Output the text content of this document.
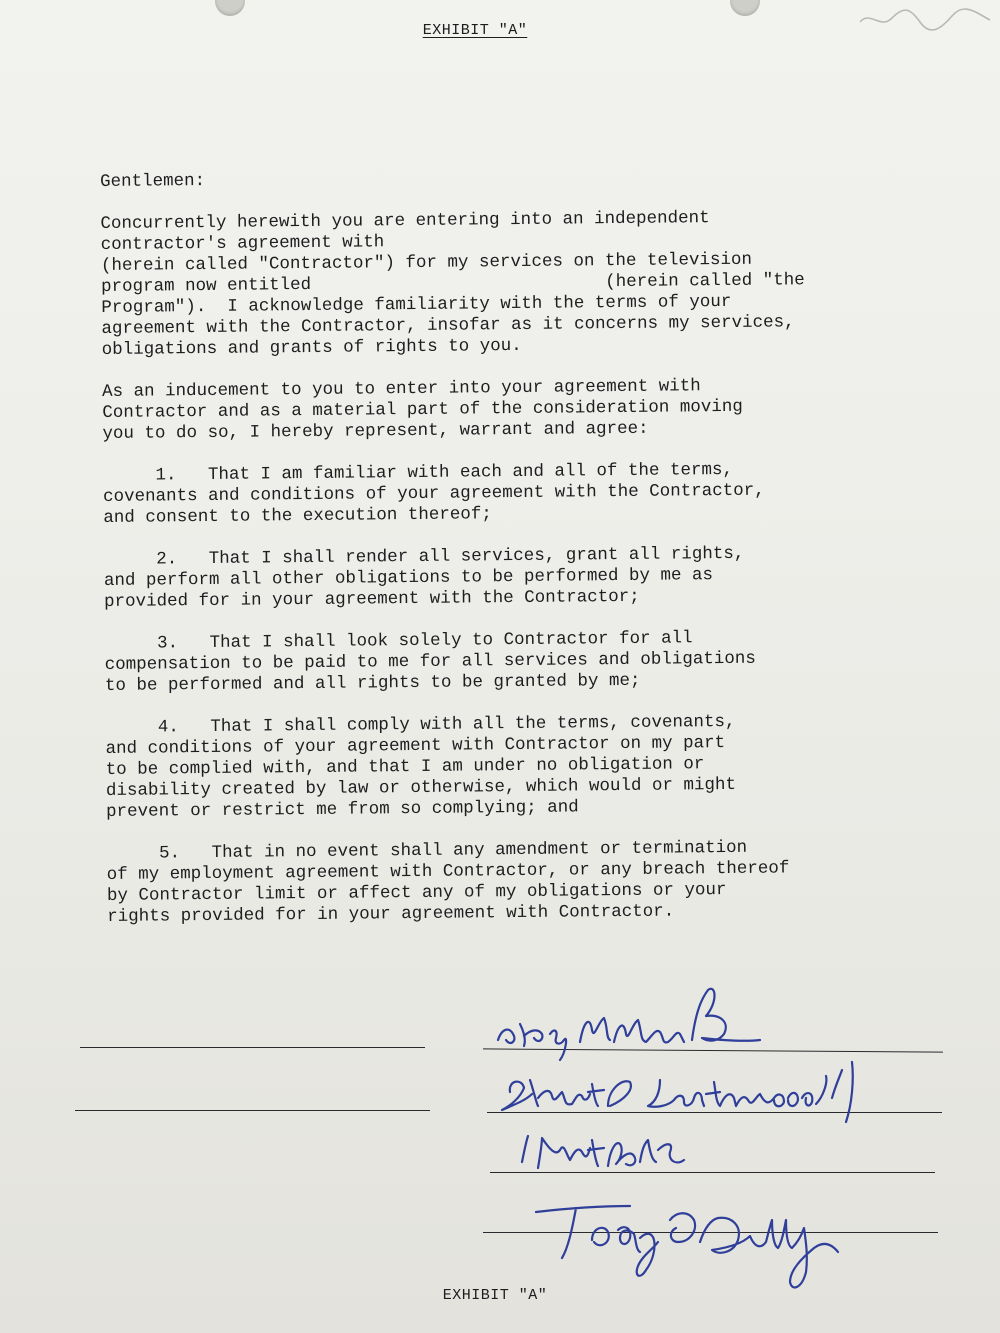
EXHIBIT "A"
Gentlemen:
Concurrently herewith you are entering into an independent
contractor's agreement with
(herein called "Contractor") for my services on the television
program now entitled                            (herein called "the
Program").  I acknowledge familiarity with the terms of your
agreement with the Contractor, insofar as it concerns my services,
obligations and grants of rights to you.
As an inducement to you to enter into your agreement with
Contractor and as a material part of the consideration moving
you to do so, I hereby represent, warrant and agree:
1.   That I am familiar with each and all of the terms,
covenants and conditions of your agreement with the Contractor,
and consent to the execution thereof;
2.   That I shall render all services, grant all rights,
and perform all other obligations to be performed by me as
provided for in your agreement with the Contractor;
3.   That I shall look solely to Contractor for all
compensation to be paid to me for all services and obligations
to be performed and all rights to be granted by me;
4.   That I shall comply with all the terms, covenants,
and conditions of your agreement with Contractor on my part
to be complied with, and that I am under no obligation or
disability created by law or otherwise, which would or might
prevent or restrict me from so complying; and
5.   That in no event shall any amendment or termination
of my employment agreement with Contractor, or any breach thereof
by Contractor limit or affect any of my obligations or your
rights provided for in your agreement with Contractor.
EXHIBIT "A"
